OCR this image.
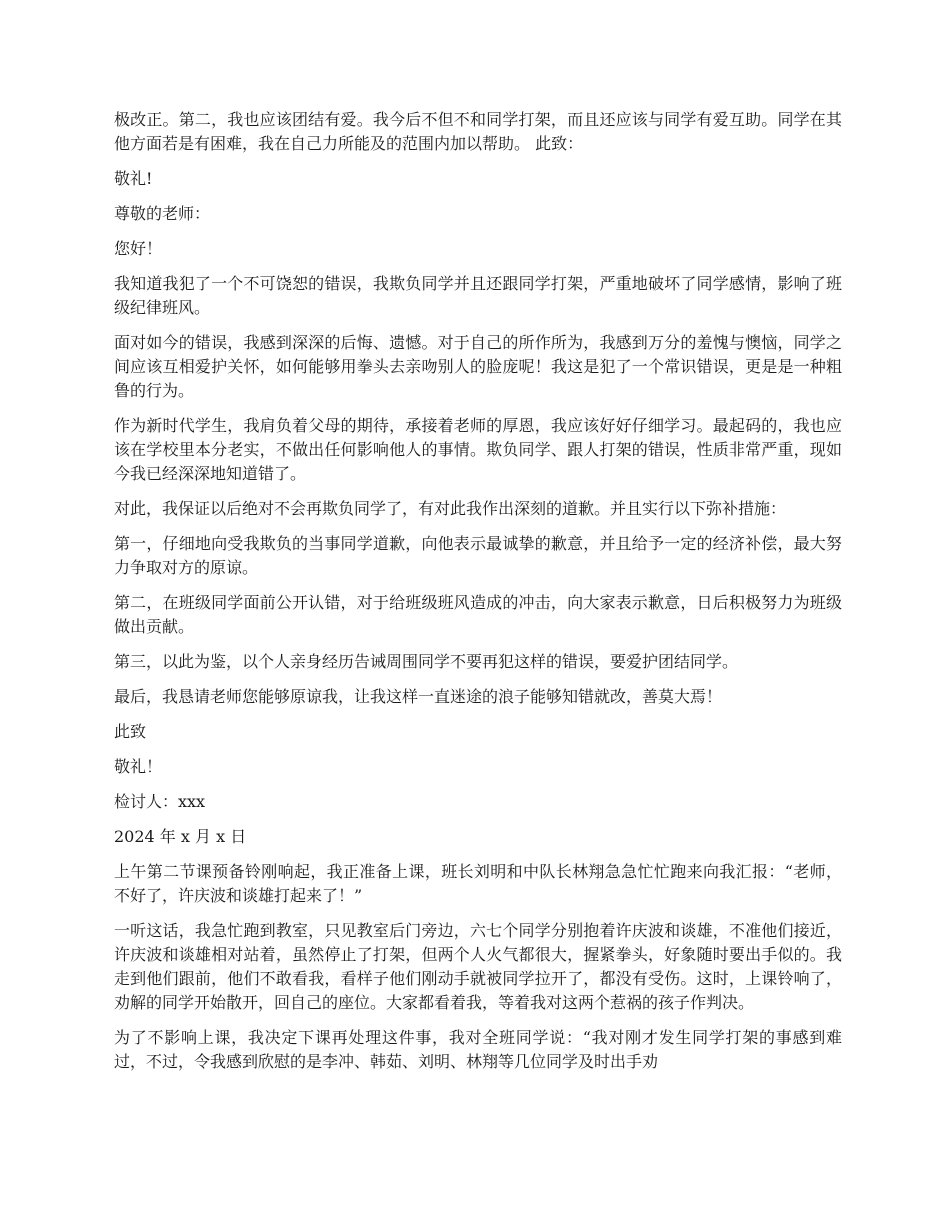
极改正。第二，我也应该团结有爱。我今后不但不和同学打架，而且还应该与同学有爱互助。同学在其他方面若是有困难，我在自己力所能及的范围内加以帮助。 此致：

敬礼!

尊敬的老师：

您好！

我知道我犯了一个不可饶恕的错误，我欺负同学并且还跟同学打架，严重地破坏了同学感情，影响了班级纪律班风。

面对如今的错误，我感到深深的后悔、遗憾。对于自己的所作所为，我感到万分的羞愧与懊恼，同学之间应该互相爱护关怀，如何能够用拳头去亲吻别人的脸庞呢！我这是犯了一个常识错误，更是是一种粗鲁的行为。

作为新时代学生，我肩负着父母的期待，承接着老师的厚恩，我应该好好仔细学习。最起码的，我也应该在学校里本分老实，不做出任何影响他人的事情。欺负同学、跟人打架的错误，性质非常严重，现如今我已经深深地知道错了。

对此，我保证以后绝对不会再欺负同学了，有对此我作出深刻的道歉。并且实行以下弥补措施：

第一，仔细地向受我欺负的当事同学道歉，向他表示最诚挚的歉意，并且给予一定的经济补偿，最大努力争取对方的原谅。

第二，在班级同学面前公开认错，对于给班级班风造成的冲击，向大家表示歉意，日后积极努力为班级做出贡献。

第三，以此为鉴，以个人亲身经历告诫周围同学不要再犯这样的错误，要爱护团结同学。

最后，我恳请老师您能够原谅我，让我这样一直迷途的浪子能够知错就改，善莫大焉！

此致

敬礼！

检讨人：xxx

2024 年 x 月 x 日

上午第二节课预备铃刚响起，我正准备上课，班长刘明和中队长林翔急急忙忙跑来向我汇报：“老师，不好了，许庆波和谈雄打起来了！”

一听这话，我急忙跑到教室，只见教室后门旁边，六七个同学分别抱着许庆波和谈雄，不准他们接近，许庆波和谈雄相对站着，虽然停止了打架，但两个人火气都很大，握紧拳头，好象随时要出手似的。我走到他们跟前，他们不敢看我，看样子他们刚动手就被同学拉开了，都没有受伤。这时，上课铃响了，劝解的同学开始散开，回自己的座位。大家都看着我，等着我对这两个惹祸的孩子作判决。

为了不影响上课，我决定下课再处理这件事，我对全班同学说：“我对刚才发生同学打架的事感到难过，不过，令我感到欣慰的是李冲、韩茹、刘明、林翔等几位同学及时出手劝
